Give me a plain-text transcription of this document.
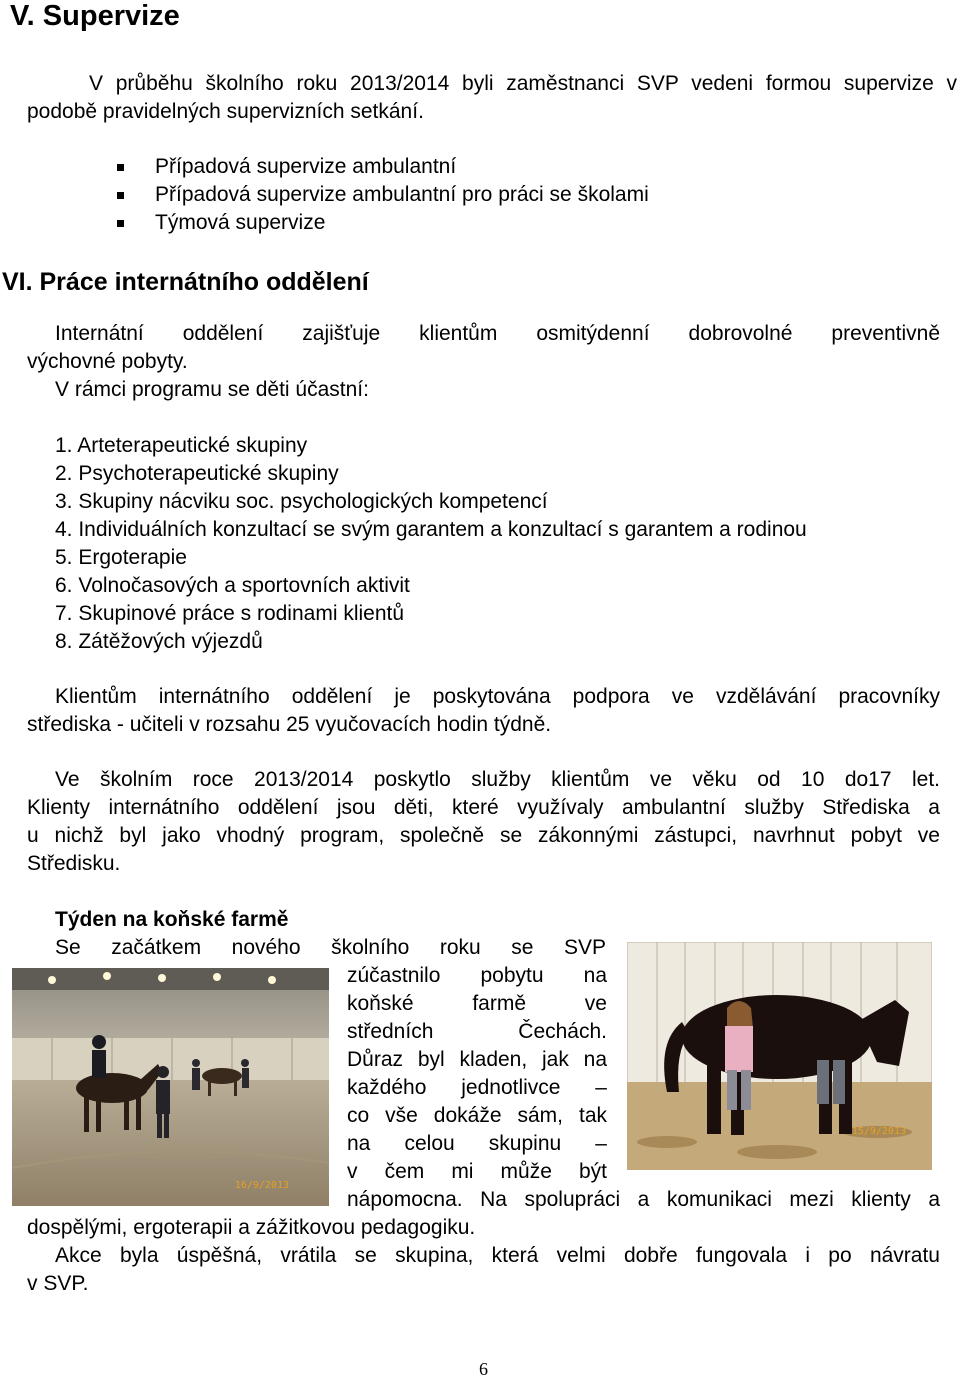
V. Supervize

V průběhu školního roku 2013/2014 byli zaměstnanci SVP vedeni formou supervize v podobě pravidelných supervizních setkání.

Případová supervize ambulantní
Případová supervize ambulantní pro práci se školami
Týmová supervize
VI. Práce internátního oddělení

Internátní oddělení zajišťuje klientům osmitýdenní dobrovolné preventivně

výchovné pobyty.

V rámci programu se děti účastní:

1. Arteterapeutické skupiny
2. Psychoterapeutické skupiny
3. Skupiny nácviku soc. psychologických kompetencí
4. Individuálních konzultací se svým garantem a konzultací s garantem a rodinou
5. Ergoterapie
6. Volnočasových a sportovních aktivit
7. Skupinové práce s rodinami klientů
8. Zátěžových výjezdů

Klientům internátního oddělení je poskytována podpora ve vzdělávání pracovníky

střediska - učiteli v rozsahu 25 vyučovacích hodin týdně.

Ve školním roce 2013/2014 poskytlo služby klientům ve věku od 10 do17 let.

Klienty internátního oddělení jsou děti, které využívaly ambulantní služby Střediska a

u nichž byl jako vhodný program, společně se zákonnými zástupci, navrhnut pobyt ve

Středisku.

Týden na koňské farmě

Se začátkem nového školního roku se SVP

zúčastnilo pobytu na

koňské farmě ve

středních Čechách.

Důraz byl kladen, jak na

každého jednotlivce –

co vše dokáže sám, tak

na celou skupinu –

v čem mi může být

nápomocna. Na spolupráci a komunikaci mezi klienty a

dospělými, ergoterapii a zážitkovou pedagogiku.

Akce byla úspěšná, vrátila se skupina, která velmi dobře fungovala i po návratu

v SVP.

16/9/2013
15/9/2013
6
